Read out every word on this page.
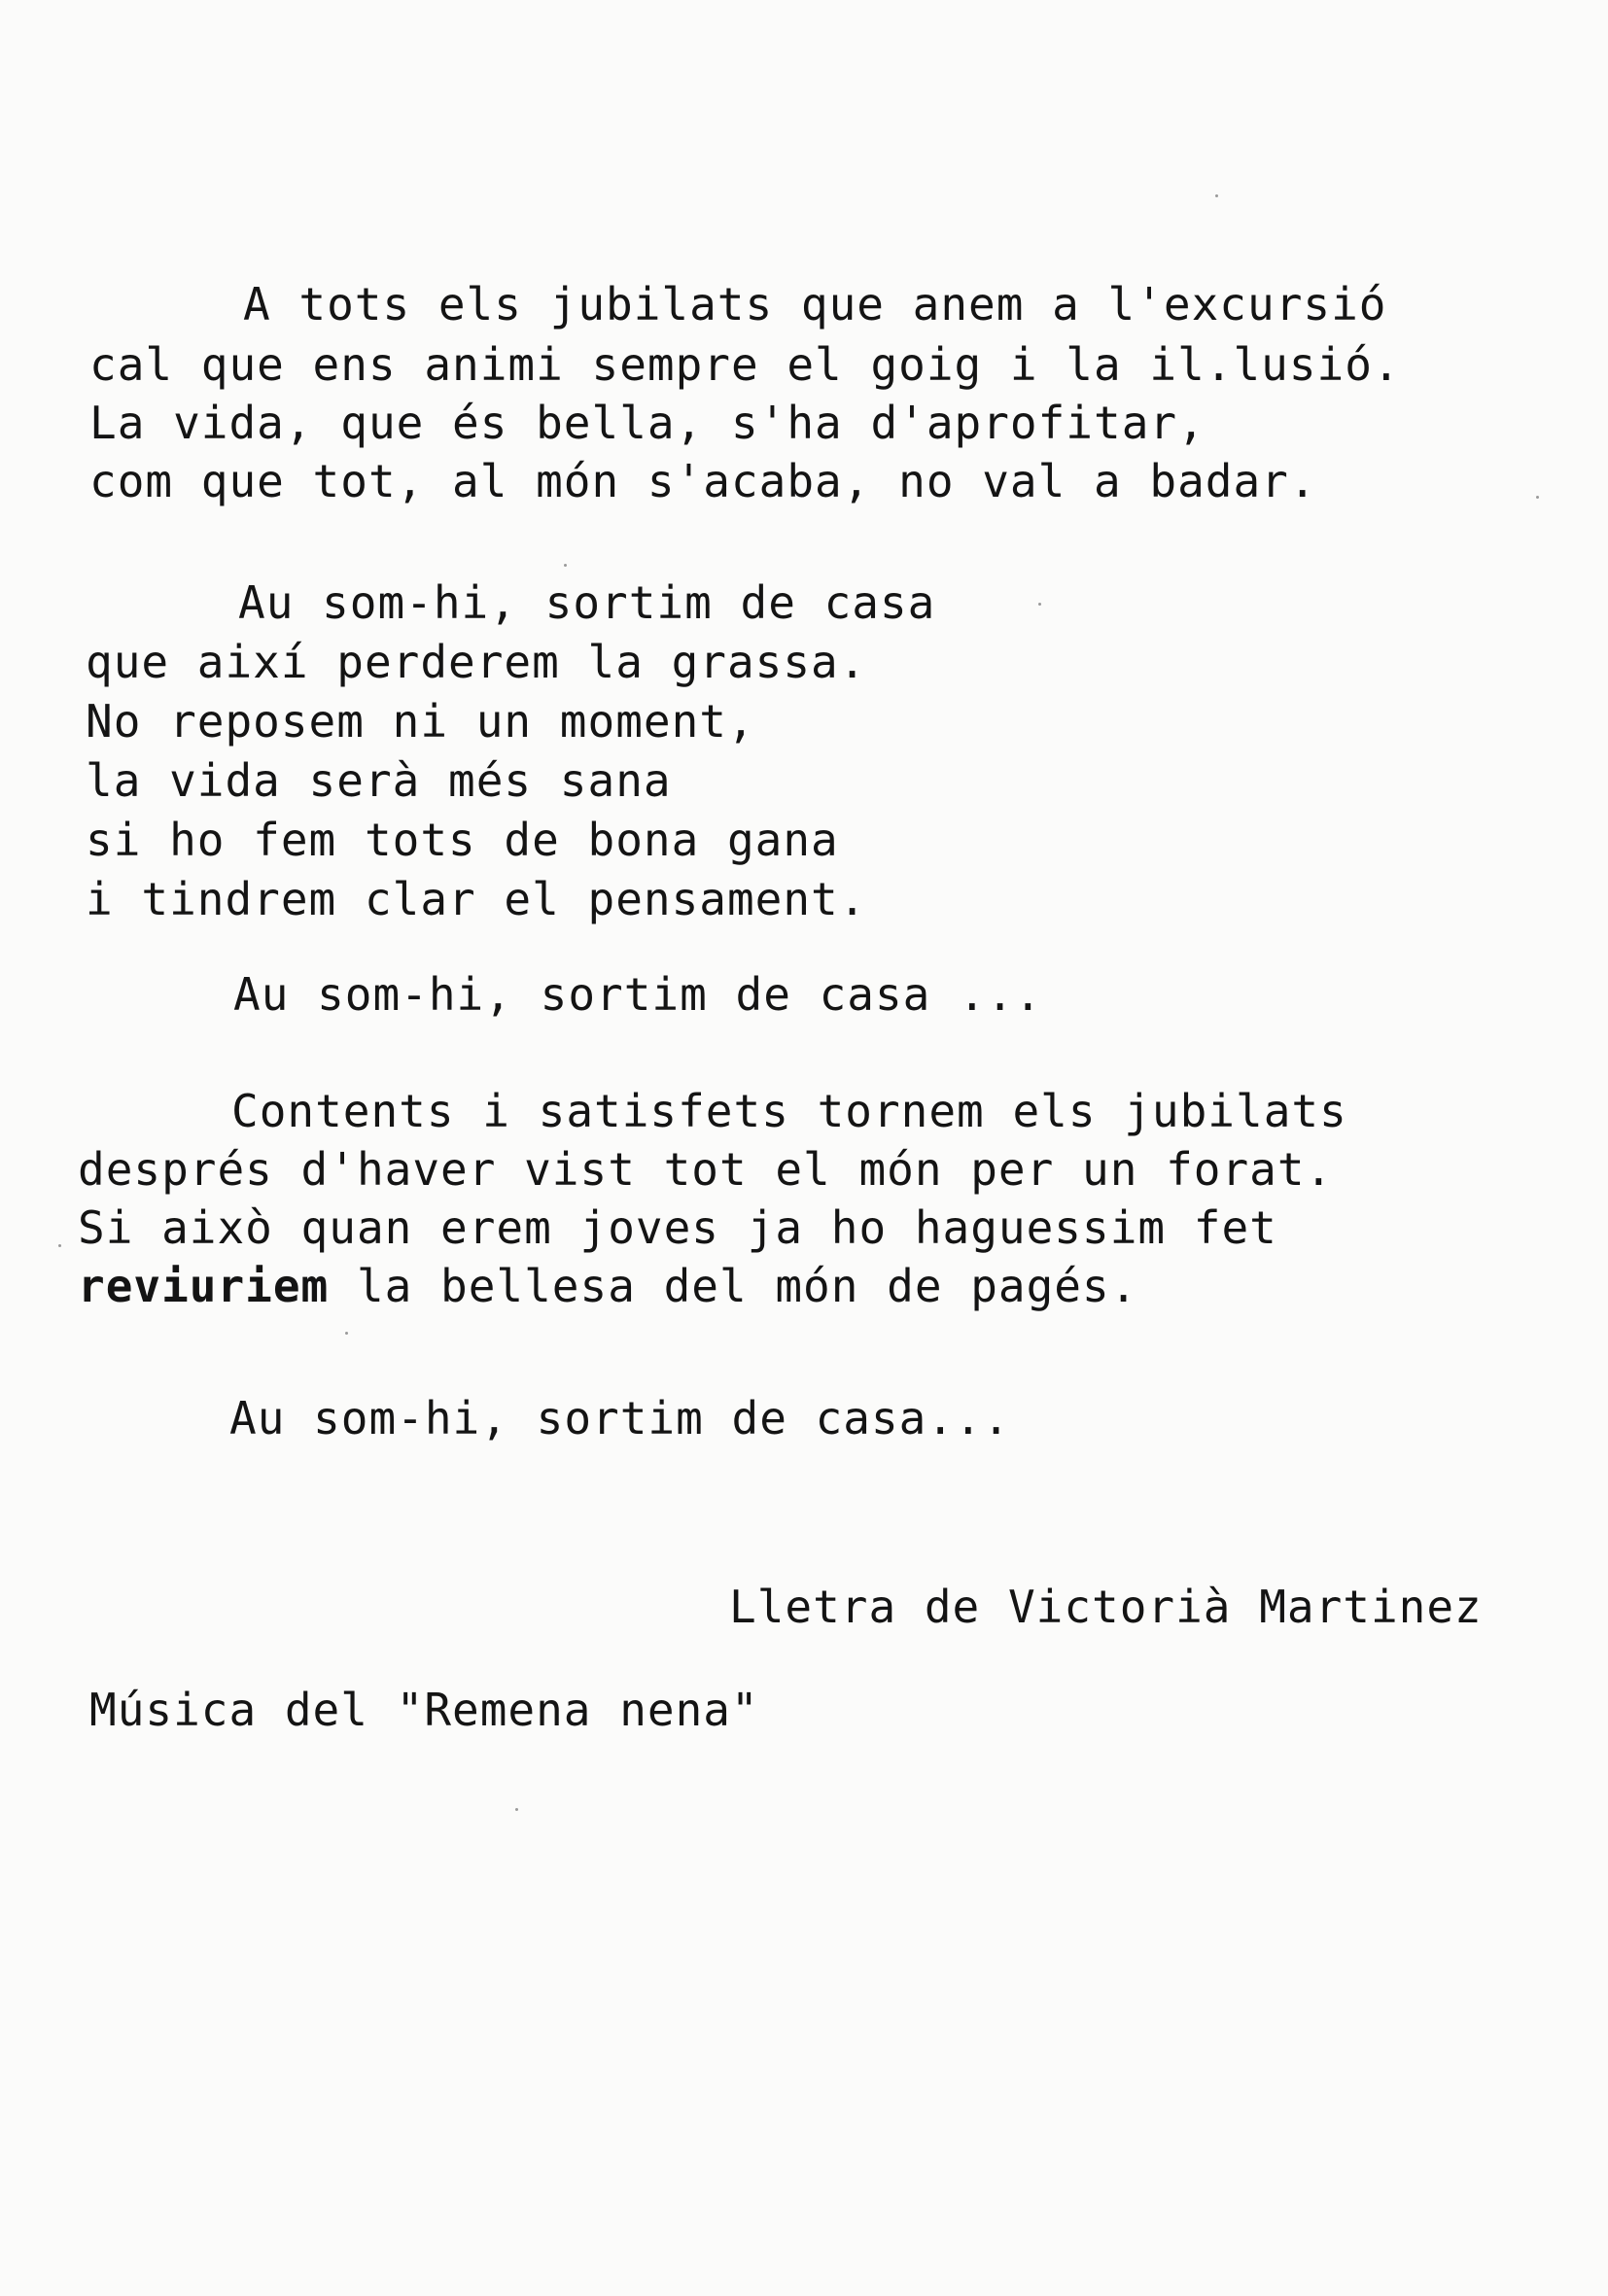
A tots els jubilats que anem a l'excursió
cal que ens animi sempre el goig i la il.lusió.
La vida, que és bella, s'ha d'aprofitar,
com que tot, al món s'acaba, no val a badar.
Au som-hi, sortim de casa
que així perderem la grassa.
No reposem ni un moment,
la vida serà més sana
si ho fem tots de bona gana
i tindrem clar el pensament.
Au som-hi, sortim de casa ...
Contents i satisfets tornem els jubilats
després d'haver vist tot el món per un forat.
Si això quan erem joves ja ho haguessim fet
reviuriem la bellesa del món de pagés.
Au som-hi, sortim de casa...
Lletra de Victorià Martinez
Música del "Remena nena"
